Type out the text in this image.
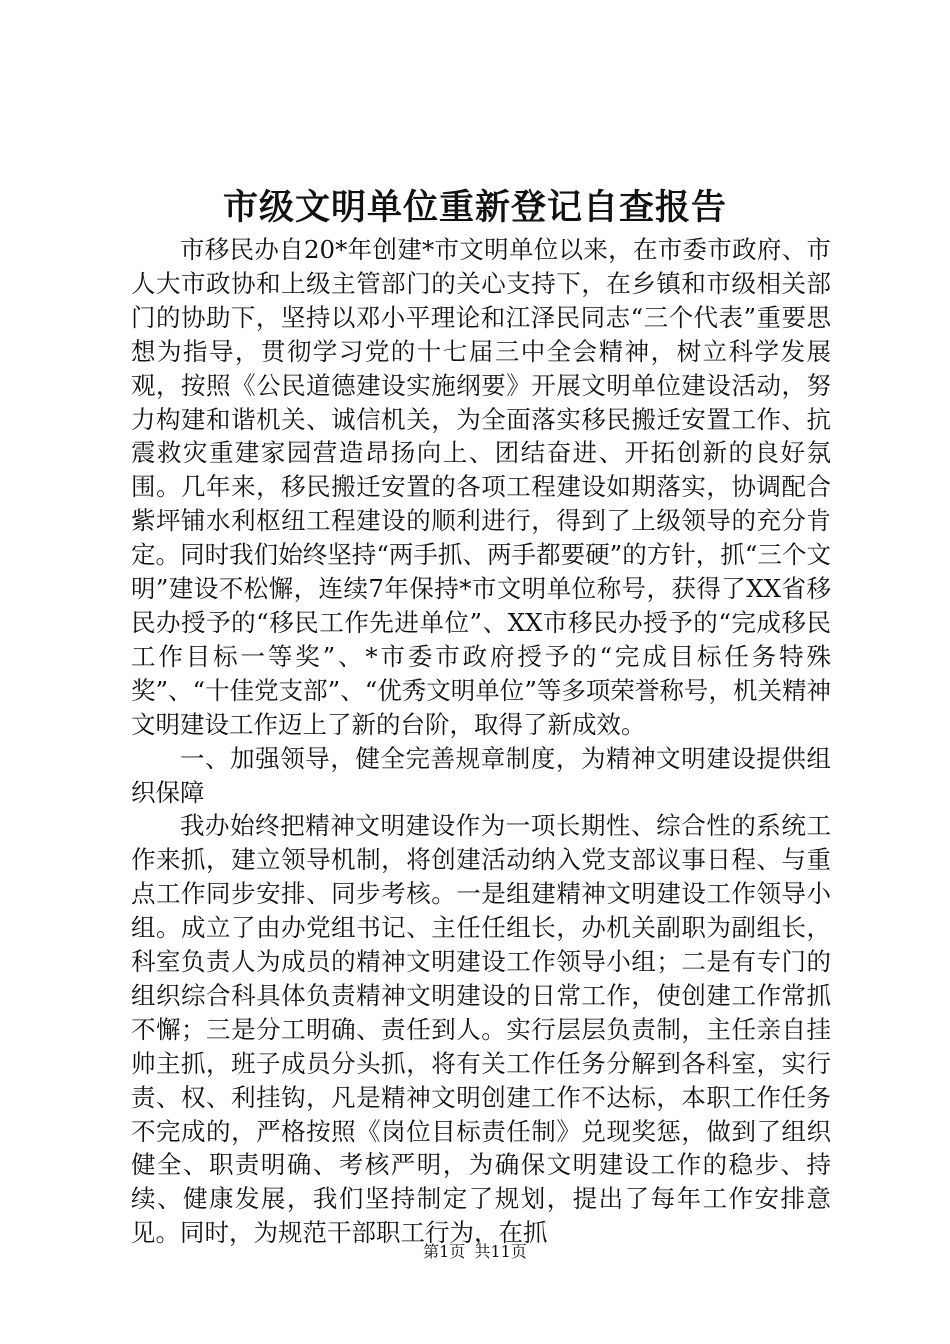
市级文明单位重新登记自查报告

市移民办自20*年创建*市文明单位以来，在市委市政府、市人大市政协和上级主管部门的关心支持下，在乡镇和市级相关部门的协助下，坚持以邓小平理论和江泽民同志“三个代表”重要思想为指导，贯彻学习党的十七届三中全会精神，树立科学发展观，按照《公民道德建设实施纲要》开展文明单位建设活动，努力构建和谐机关、诚信机关，为全面落实移民搬迁安置工作、抗震救灾重建家园营造昂扬向上、团结奋进、开拓创新的良好氛围。几年来，移民搬迁安置的各项工程建设如期落实，协调配合紫坪铺水利枢纽工程建设的顺利进行，得到了上级领导的充分肯定。同时我们始终坚持“两手抓、两手都要硬”的方针，抓“三个文明”建设不松懈，连续7年保持*市文明单位称号，获得了XX省移民办授予的“移民工作先进单位”、XX市移民办授予的“完成移民工作目标一等奖”、*市委市政府授予的“完成目标任务特殊奖”、“十佳党支部”、“优秀文明单位”等多项荣誉称号，机关精神文明建设工作迈上了新的台阶，取得了新成效。

一、加强领导，健全完善规章制度，为精神文明建设提供组织保障

我办始终把精神文明建设作为一项长期性、综合性的系统工作来抓，建立领导机制，将创建活动纳入党支部议事日程、与重点工作同步安排、同步考核。一是组建精神文明建设工作领导小组。成立了由办党组书记、主任任组长，办机关副职为副组长，科室负责人为成员的精神文明建设工作领导小组；二是有专门的组织综合科具体负责精神文明建设的日常工作，使创建工作常抓不懈；三是分工明确、责任到人。实行层层负责制，主任亲自挂帅主抓，班子成员分头抓，将有关工作任务分解到各科室，实行责、权、利挂钩，凡是精神文明创建工作不达标，本职工作任务不完成的，严格按照《岗位目标责任制》兑现奖惩，做到了组织健全、职责明确、考核严明，为确保文明建设工作的稳步、持续、健康发展，我们坚持制定了规划，提出了每年工作安排意见。同时，为规范干部职工行为，在抓

第1页 共11页
